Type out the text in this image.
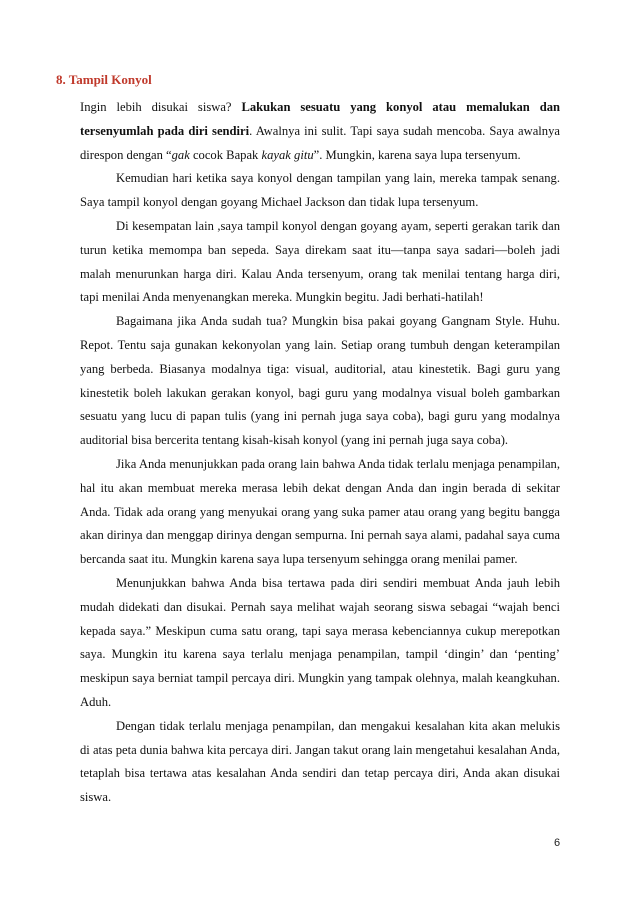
8. Tampil Konyol

Ingin lebih disukai siswa? Lakukan sesuatu yang konyol atau memalukan dan tersenyumlah pada diri sendiri. Awalnya ini sulit. Tapi saya sudah mencoba. Saya awalnya direspon dengan “gak cocok Bapak kayak gitu”. Mungkin, karena saya lupa tersenyum.

Kemudian hari ketika saya konyol dengan tampilan yang lain, mereka tampak senang. Saya tampil konyol dengan goyang Michael Jackson dan tidak lupa tersenyum.

Di kesempatan lain ,saya tampil konyol dengan goyang ayam, seperti gerakan tarik dan turun ketika memompa ban sepeda. Saya direkam saat itu—tanpa saya sadari—boleh jadi malah menurunkan harga diri. Kalau Anda tersenyum, orang tak menilai tentang harga diri, tapi menilai Anda menyenangkan mereka. Mungkin begitu. Jadi berhati-hatilah!

Bagaimana jika Anda sudah tua? Mungkin bisa pakai goyang Gangnam Style. Huhu. Repot. Tentu saja gunakan kekonyolan yang lain. Setiap orang tumbuh dengan keterampilan yang berbeda. Biasanya modalnya tiga: visual, auditorial, atau kinestetik. Bagi guru yang kinestetik boleh lakukan gerakan konyol, bagi guru yang modalnya visual boleh gambarkan sesuatu yang lucu di papan tulis (yang ini pernah juga saya coba), bagi guru yang modalnya auditorial bisa bercerita tentang kisah-kisah konyol (yang ini pernah juga saya coba).

Jika Anda menunjukkan pada orang lain bahwa Anda tidak terlalu menjaga penampilan, hal itu akan membuat mereka merasa lebih dekat dengan Anda dan ingin berada di sekitar Anda. Tidak ada orang yang menyukai orang yang suka pamer atau orang yang begitu bangga akan dirinya dan menggap dirinya dengan sempurna. Ini pernah saya alami, padahal saya cuma bercanda saat itu. Mungkin karena saya lupa tersenyum sehingga orang menilai pamer.

Menunjukkan bahwa Anda bisa tertawa pada diri sendiri membuat Anda jauh lebih mudah didekati dan disukai. Pernah saya melihat wajah seorang siswa sebagai “wajah benci kepada saya.” Meskipun cuma satu orang, tapi saya merasa kebenciannya cukup merepotkan saya. Mungkin itu karena saya terlalu menjaga penampilan, tampil ‘dingin’ dan ‘penting’ meskipun saya berniat tampil percaya diri. Mungkin yang tampak olehnya, malah keangkuhan. Aduh.

Dengan tidak terlalu menjaga penampilan, dan mengakui kesalahan kita akan melukis di atas peta dunia bahwa kita percaya diri. Jangan takut orang lain mengetahui kesalahan Anda, tetaplah bisa tertawa atas kesalahan Anda sendiri dan tetap percaya diri, Anda akan disukai siswa.

6
